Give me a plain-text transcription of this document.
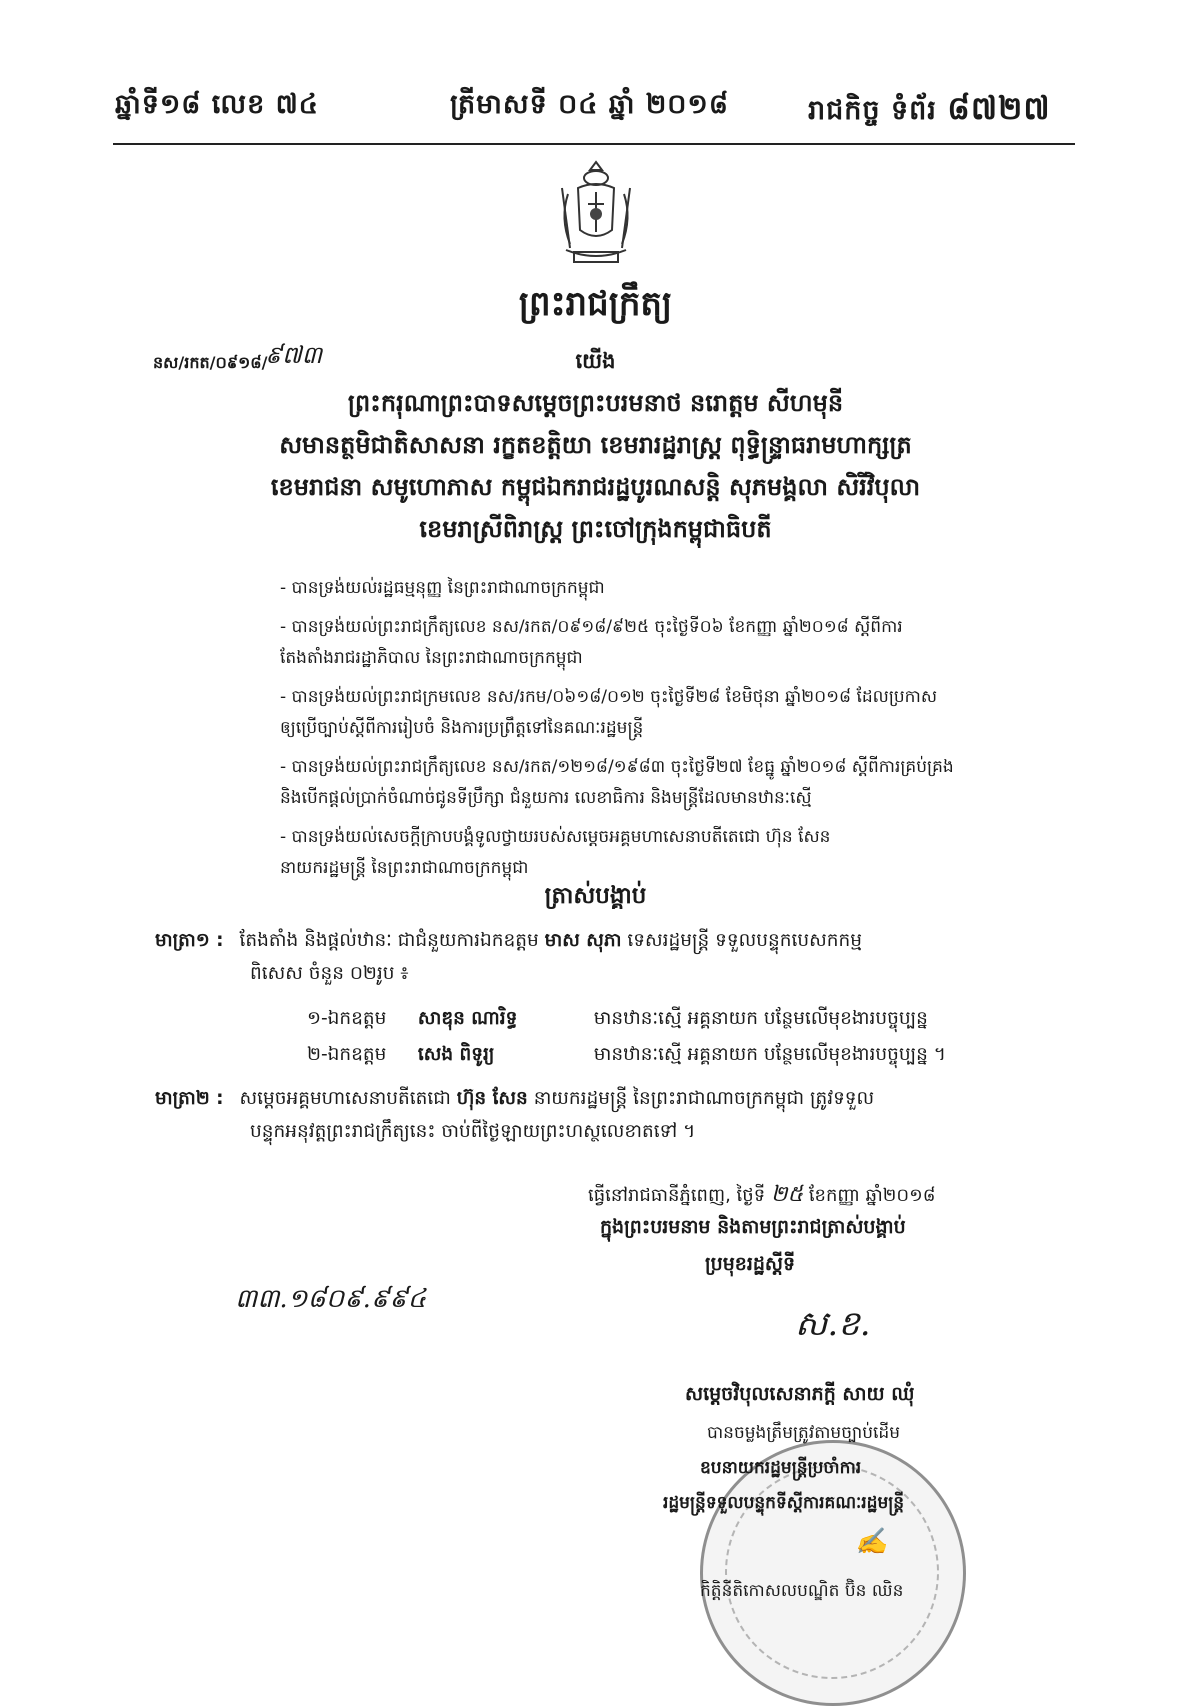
ឆ្នាំទី១៨ លេខ ៧៤	ត្រីមាសទី ០៤ ឆ្នាំ ២០១៨	រាជកិច្ច ទំព័រ ៨៧២៧
ព្រះរាជក្រឹត្យ
នស/រកត/០៩១៨/
៩៧៣	យើង
ព្រះករុណាព្រះបាទសម្ដេចព្រះបរមនាថ នរោត្ដម សីហមុនី
សមានត្ថមិជាតិសាសនា រក្ខតខត្តិយា ខេមរារដ្ឋរាស្ត្រ ពុទ្ធិន្ទ្រាធរាមហាក្សត្រ
ខេមរាជនា សមូហោភាស កម្ពុជឯករាជរដ្ឋបូរណសន្តិ សុភមង្គលា សិរីវិបុលា
ខេមរាស្រីពិរាស្ត្រ ព្រះចៅក្រុងកម្ពុជាធិបតី
- បានទ្រង់យល់រដ្ឋធម្មនុញ្ញ នៃព្រះរាជាណាចក្រកម្ពុជា
- បានទ្រង់យល់ព្រះរាជក្រឹត្យលេខ នស/រកត/០៩១៨/៩២៥ ចុះថ្ងៃទី០៦ ខែកញ្ញា ឆ្នាំ២០១៨ ស្ដីពីការ
តែងតាំងរាជរដ្ឋាភិបាល នៃព្រះរាជាណាចក្រកម្ពុជា
- បានទ្រង់យល់ព្រះរាជក្រមលេខ នស/រកម/០៦១៨/០១២ ចុះថ្ងៃទី២៨ ខែមិថុនា ឆ្នាំ២០១៨ ដែលប្រកាស
ឲ្យប្រើច្បាប់ស្ដីពីការរៀបចំ និងការប្រព្រឹត្តទៅនៃគណៈរដ្ឋមន្ត្រី
- បានទ្រង់យល់ព្រះរាជក្រឹត្យលេខ នស/រកត/១២១៨/១៩៨៣ ចុះថ្ងៃទី២៧ ខែធ្នូ ឆ្នាំ២០១៨ ស្ដីពីការគ្រប់គ្រង
និងបើកផ្ដល់ប្រាក់ចំណាច់ជូនទីប្រឹក្សា ជំនួយការ លេខាធិការ និងមន្ត្រីដែលមានឋានៈស្មើ
- បានទ្រង់យល់សេចក្ដីក្រាបបង្គំទូលថ្វាយរបស់សម្ដេចអគ្គមហាសេនាបតីតេជោ ហ៊ុន សែន
នាយករដ្ឋមន្ត្រី នៃព្រះរាជាណាចក្រកម្ពុជា
ត្រាស់បង្គាប់
មាត្រា១ : តែងតាំង និងផ្ដល់ឋានៈ ជាជំនួយការឯកឧត្ដម មាស សុភា ទេសរដ្ឋមន្ត្រី ទទួលបន្ទុកបេសកកម្ម
ពិសេស ចំនួន ០២រូប ៖
១-ឯកឧត្ដម សាឌុន ណារិទ្ធ	មានឋានៈស្មើ អគ្គនាយក បន្ថែមលើមុខងារបច្ចុប្បន្ន
២-ឯកឧត្ដម សេង ពិទូរ្យ	មានឋានៈស្មើ អគ្គនាយក បន្ថែមលើមុខងារបច្ចុប្បន្ន ។
មាត្រា២ : សម្ដេចអគ្គមហាសេនាបតីតេជោ ហ៊ុន សែន នាយករដ្ឋមន្ត្រី នៃព្រះរាជាណាចក្រកម្ពុជា ត្រូវទទួល
បន្ទុកអនុវត្តព្រះរាជក្រឹត្យនេះ ចាប់ពីថ្ងៃឡាយព្រះហស្ថលេខាតទៅ ។
ធ្វើនៅរាជធានីភ្នំពេញ, ថ្ងៃទី ២៥ ខែកញ្ញា ឆ្នាំ២០១៨
ក្នុងព្រះបរមនាម និងតាមព្រះរាជត្រាស់បង្គាប់
ប្រមុខរដ្ឋស្ដីទី
៣៣.១៨០៩.៩៩៤
ស.ខ.
សម្ដេចវិបុលសេនាភក្ដី សាយ ឈុំ
បានចម្លងត្រឹមត្រូវតាមច្បាប់ដើម
ឧបនាយករដ្ឋមន្ត្រីប្រចាំការ
រដ្ឋមន្ត្រីទទួលបន្ទុកទីស្ដីការគណៈរដ្ឋមន្ត្រី
✍
កិត្តិនីតិកោសលបណ្ឌិត ប៊ិន ឈិន
